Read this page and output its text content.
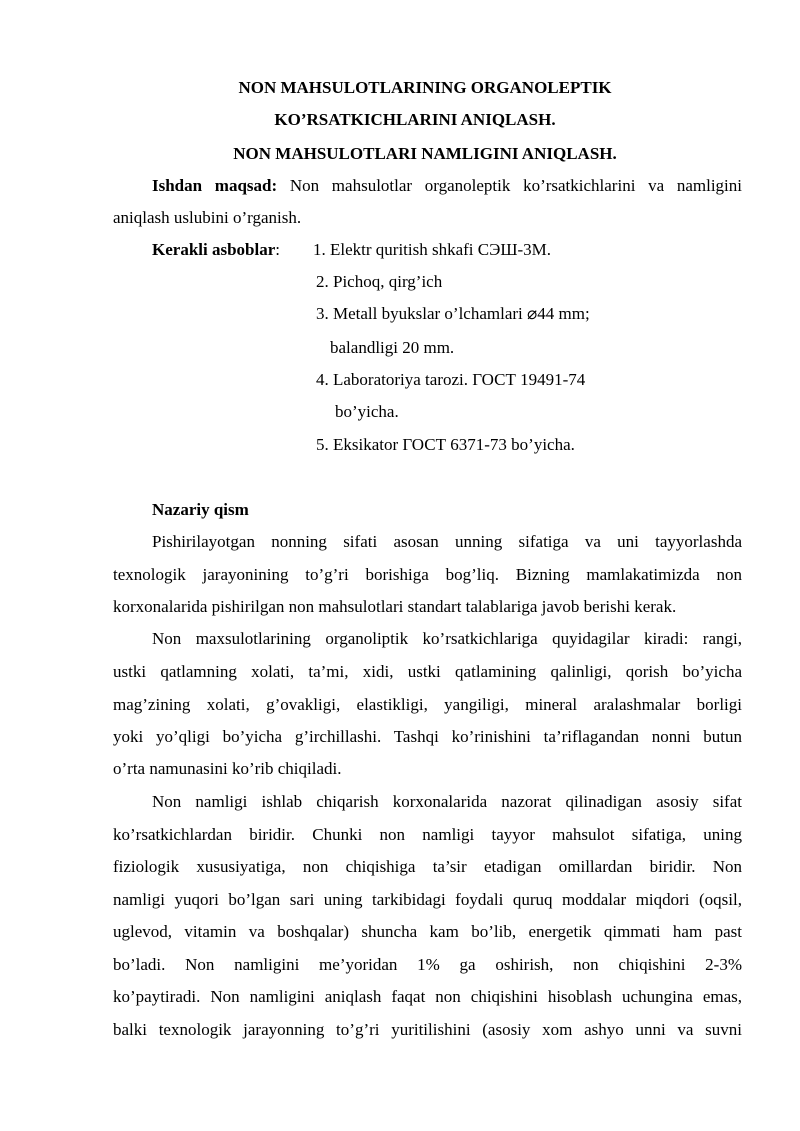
NON MAHSULOTLARINING ORGANOLEPTIK
KO’RSATKICHLARINI ANIQLASH.
NON MAHSULOTLARI NAMLIGINI ANIQLASH.
Ishdan maqsad: Non mahsulotlar organoleptik ko’rsatkichlarini va namligini
aniqlash uslubini o’rganish.
Kerakli asboblar: 1. Elektr quritish shkafi СЭШ-3М.
2. Pichoq, qirg’ich
3. Metall byukslar o’lchamlari ⌀44 mm;
balandligi 20 mm.
4. Laboratoriya tarozi. ГОСТ 19491-74
bo’yicha.
5. Eksikator ГОСТ 6371-73 bo’yicha.
Nazariy qism
Pishirilayotgan nonning sifati asosan unning sifatiga va uni tayyorlashda
texnologik jarayonining to’g’ri borishiga bog’liq. Bizning mamlakatimizda non
korxonalarida pishirilgan non mahsulotlari standart talablariga javob berishi kerak.
Non maxsulotlarining organoliptik ko’rsatkichlariga quyidagilar kiradi: rangi,
ustki qatlamning xolati, ta’mi, xidi, ustki qatlamining qalinligi, qorish bo’yicha
mag’zining xolati, g’ovakligi, elastikligi, yangiligi, mineral aralashmalar borligi
yoki yo’qligi bo’yicha g’irchillashi. Tashqi ko’rinishini ta’riflagandan nonni butun
o’rta namunasini ko’rib chiqiladi.
Non namligi ishlab chiqarish korxonalarida nazorat qilinadigan asosiy sifat
ko’rsatkichlardan biridir. Chunki non namligi tayyor mahsulot sifatiga, uning
fiziologik xususiyatiga, non chiqishiga ta’sir etadigan omillardan biridir. Non
namligi yuqori bo’lgan sari uning tarkibidagi foydali quruq moddalar miqdori (oqsil,
uglevod, vitamin va boshqalar) shuncha kam bo’lib, energetik qimmati ham past
bo’ladi. Non namligini me’yoridan 1% ga oshirish, non chiqishini 2-3%
ko’paytiradi. Non namligini aniqlash faqat non chiqishini hisoblash uchungina emas,
balki texnologik jarayonning to’g’ri yuritilishini (asosiy xom ashyo unni va suvni
